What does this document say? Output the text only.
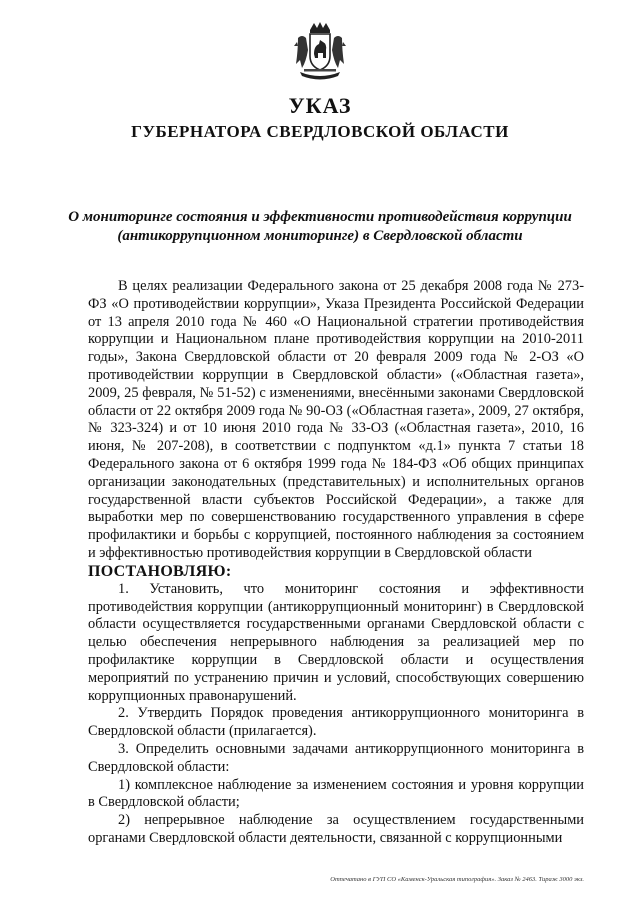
УКАЗ
ГУБЕРНАТОРА СВЕРДЛОВСКОЙ ОБЛАСТИ
О мониторинге состояния и эффективности противодействия коррупции
(антикоррупционном мониторинге) в Свердловской области

В целях реализации Федерального закона от 25 декабря 2008 года № 273-ФЗ «О противодействии коррупции», Указа Президента Российской Федерации от 13 апреля 2010 года № 460 «О Национальной стратегии противодействия коррупции и Национальном плане противодействия коррупции на 2010-2011 годы», Закона Свердловской области от 20 февраля 2009 года № 2-ОЗ «О противодействии коррупции в Свердловской области» («Областная газета», 2009, 25 февраля, № 51-52) с изменениями, внесёнными законами Свердловской области от 22 октября 2009 года № 90-ОЗ («Областная газета», 2009, 27 октября, № 323-324) и от 10 июня 2010 года № 33-ОЗ («Областная газета», 2010, 16 июня, № 207-208), в соответствии с подпунктом «д.1» пункта 7 статьи 18 Федерального закона от 6 октября 1999 года № 184-ФЗ «Об общих принципах организации законодательных (представительных) и исполнительных органов государственной власти субъектов Российской Федерации», а также для выработки мер по совершенствованию государственного управления в сфере профилактики и борьбы с коррупцией, постоянного наблюдения за состоянием и эффективностью противодействия коррупции в Свердловской области

ПОСТАНОВЛЯЮ:

1. Установить, что мониторинг состояния и эффективности противодействия коррупции (антикоррупционный мониторинг) в Свердловской области осуществляется государственными органами Свердловской области с целью обеспечения непрерывного наблюдения за реализацией мер по профилактике коррупции в Свердловской области и осуществления мероприятий по устранению причин и условий, способствующих совершению коррупционных правонарушений.

2. Утвердить Порядок проведения антикоррупционного мониторинга в Свердловской области (прилагается).

3. Определить основными задачами антикоррупционного мониторинга в Свердловской области:

1) комплексное наблюдение за изменением состояния и уровня коррупции в Свердловской области;

2) непрерывное наблюдение за осуществлением государственными органами Свердловской области деятельности, связанной с коррупционными

Отпечатано в ГУП СО «Каменск-Уральская типография». Заказ № 2463. Тираж 3000 экз.
